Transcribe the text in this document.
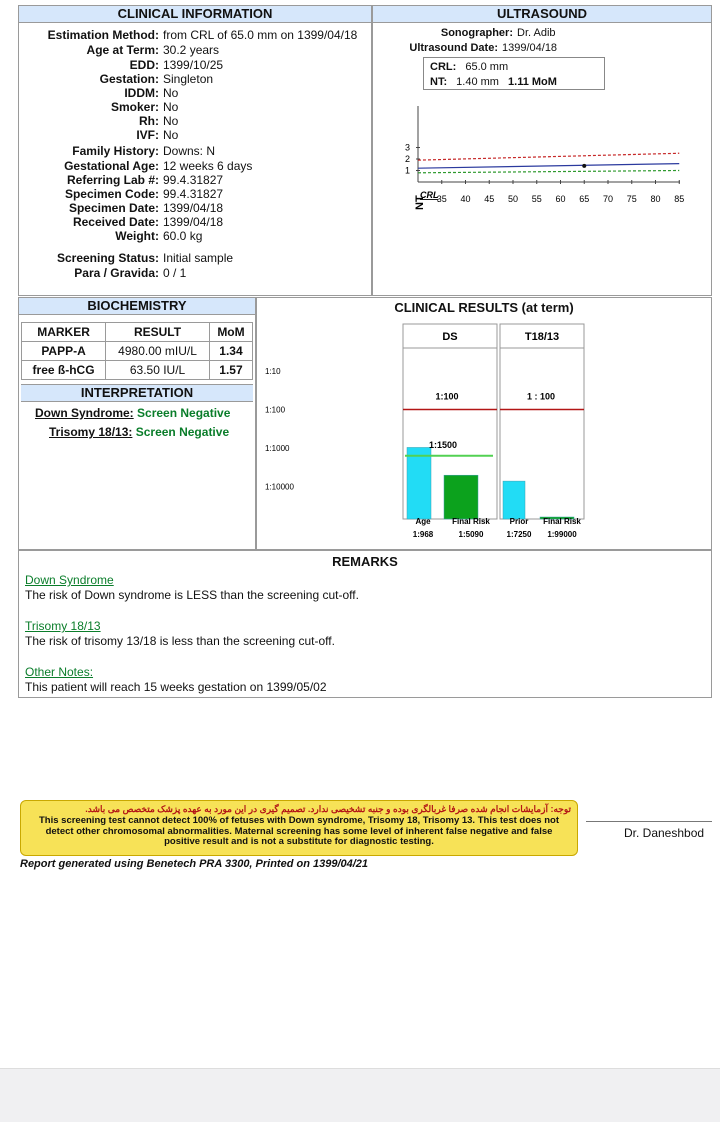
CLINICAL INFORMATION
Estimation Method: from CRL of 65.0 mm on 1399/04/18
Age at Term: 30.2 years
EDD: 1399/10/25
Gestation: Singleton
IDDM: No
Smoker: No
Rh: No
IVF: No
Family History: Downs: N
Gestational Age: 12 weeks 6 days
Referring Lab #: 99.4.31827
Specimen Code: 99.4.31827
Specimen Date: 1399/04/18
Received Date: 1399/04/18
Weight: 60.0 kg
Screening Status: Initial sample
Para / Gravida: 0 / 1
ULTRASOUND
Sonographer: Dr. Adib
Ultrasound Date: 1399/04/18
CRL: 65.0 mm
NT: 1.40 mm 1.11 MoM
3
2
1
35 40 45 50 55 60 65 70 75 80 85
NT
CRL
BIOCHEMISTRY
MARKER	RESULT	MoM
PAPP-A	4980.00 mIU/L	1.34
free ß-hCG	63.50 IU/L	1.57
INTERPRETATION
Down Syndrome: Screen Negative
Trisomy 18/13: Screen Negative
CLINICAL RESULTS (at term)
1:10
1:100
1:1000
1:10000
DS	T18/13
1:100	1 : 100
1:1500
Age	Final Risk Prior Final Risk
1:968	1:5090	1:7250 1:99000
REMARKS
Down Syndrome
The risk of Down syndrome is LESS than the screening cut-off.
Trisomy 18/13
The risk of trisomy 13/18 is less than the screening cut-off.
Other Notes:
This patient will reach 15 weeks gestation on 1399/05/02
توجه: آزمایشات انجام شده صرفا غربالگری بوده و جنبه تشخیصی ندارد. تصمیم گیری در این مورد به عهده پزشک متخصص می باشد.
This screening test cannot detect 100% of fetuses with Down syndrome, Trisomy 18, Trisomy 13. This test does not detect other chromosomal abnormalities. Maternal screening has some level of inherent false negative and false positive result and is not a substitute for diagnostic testing.
Dr. Daneshbod
Report generated using Benetech PRA 3300, Printed on 1399/04/21
